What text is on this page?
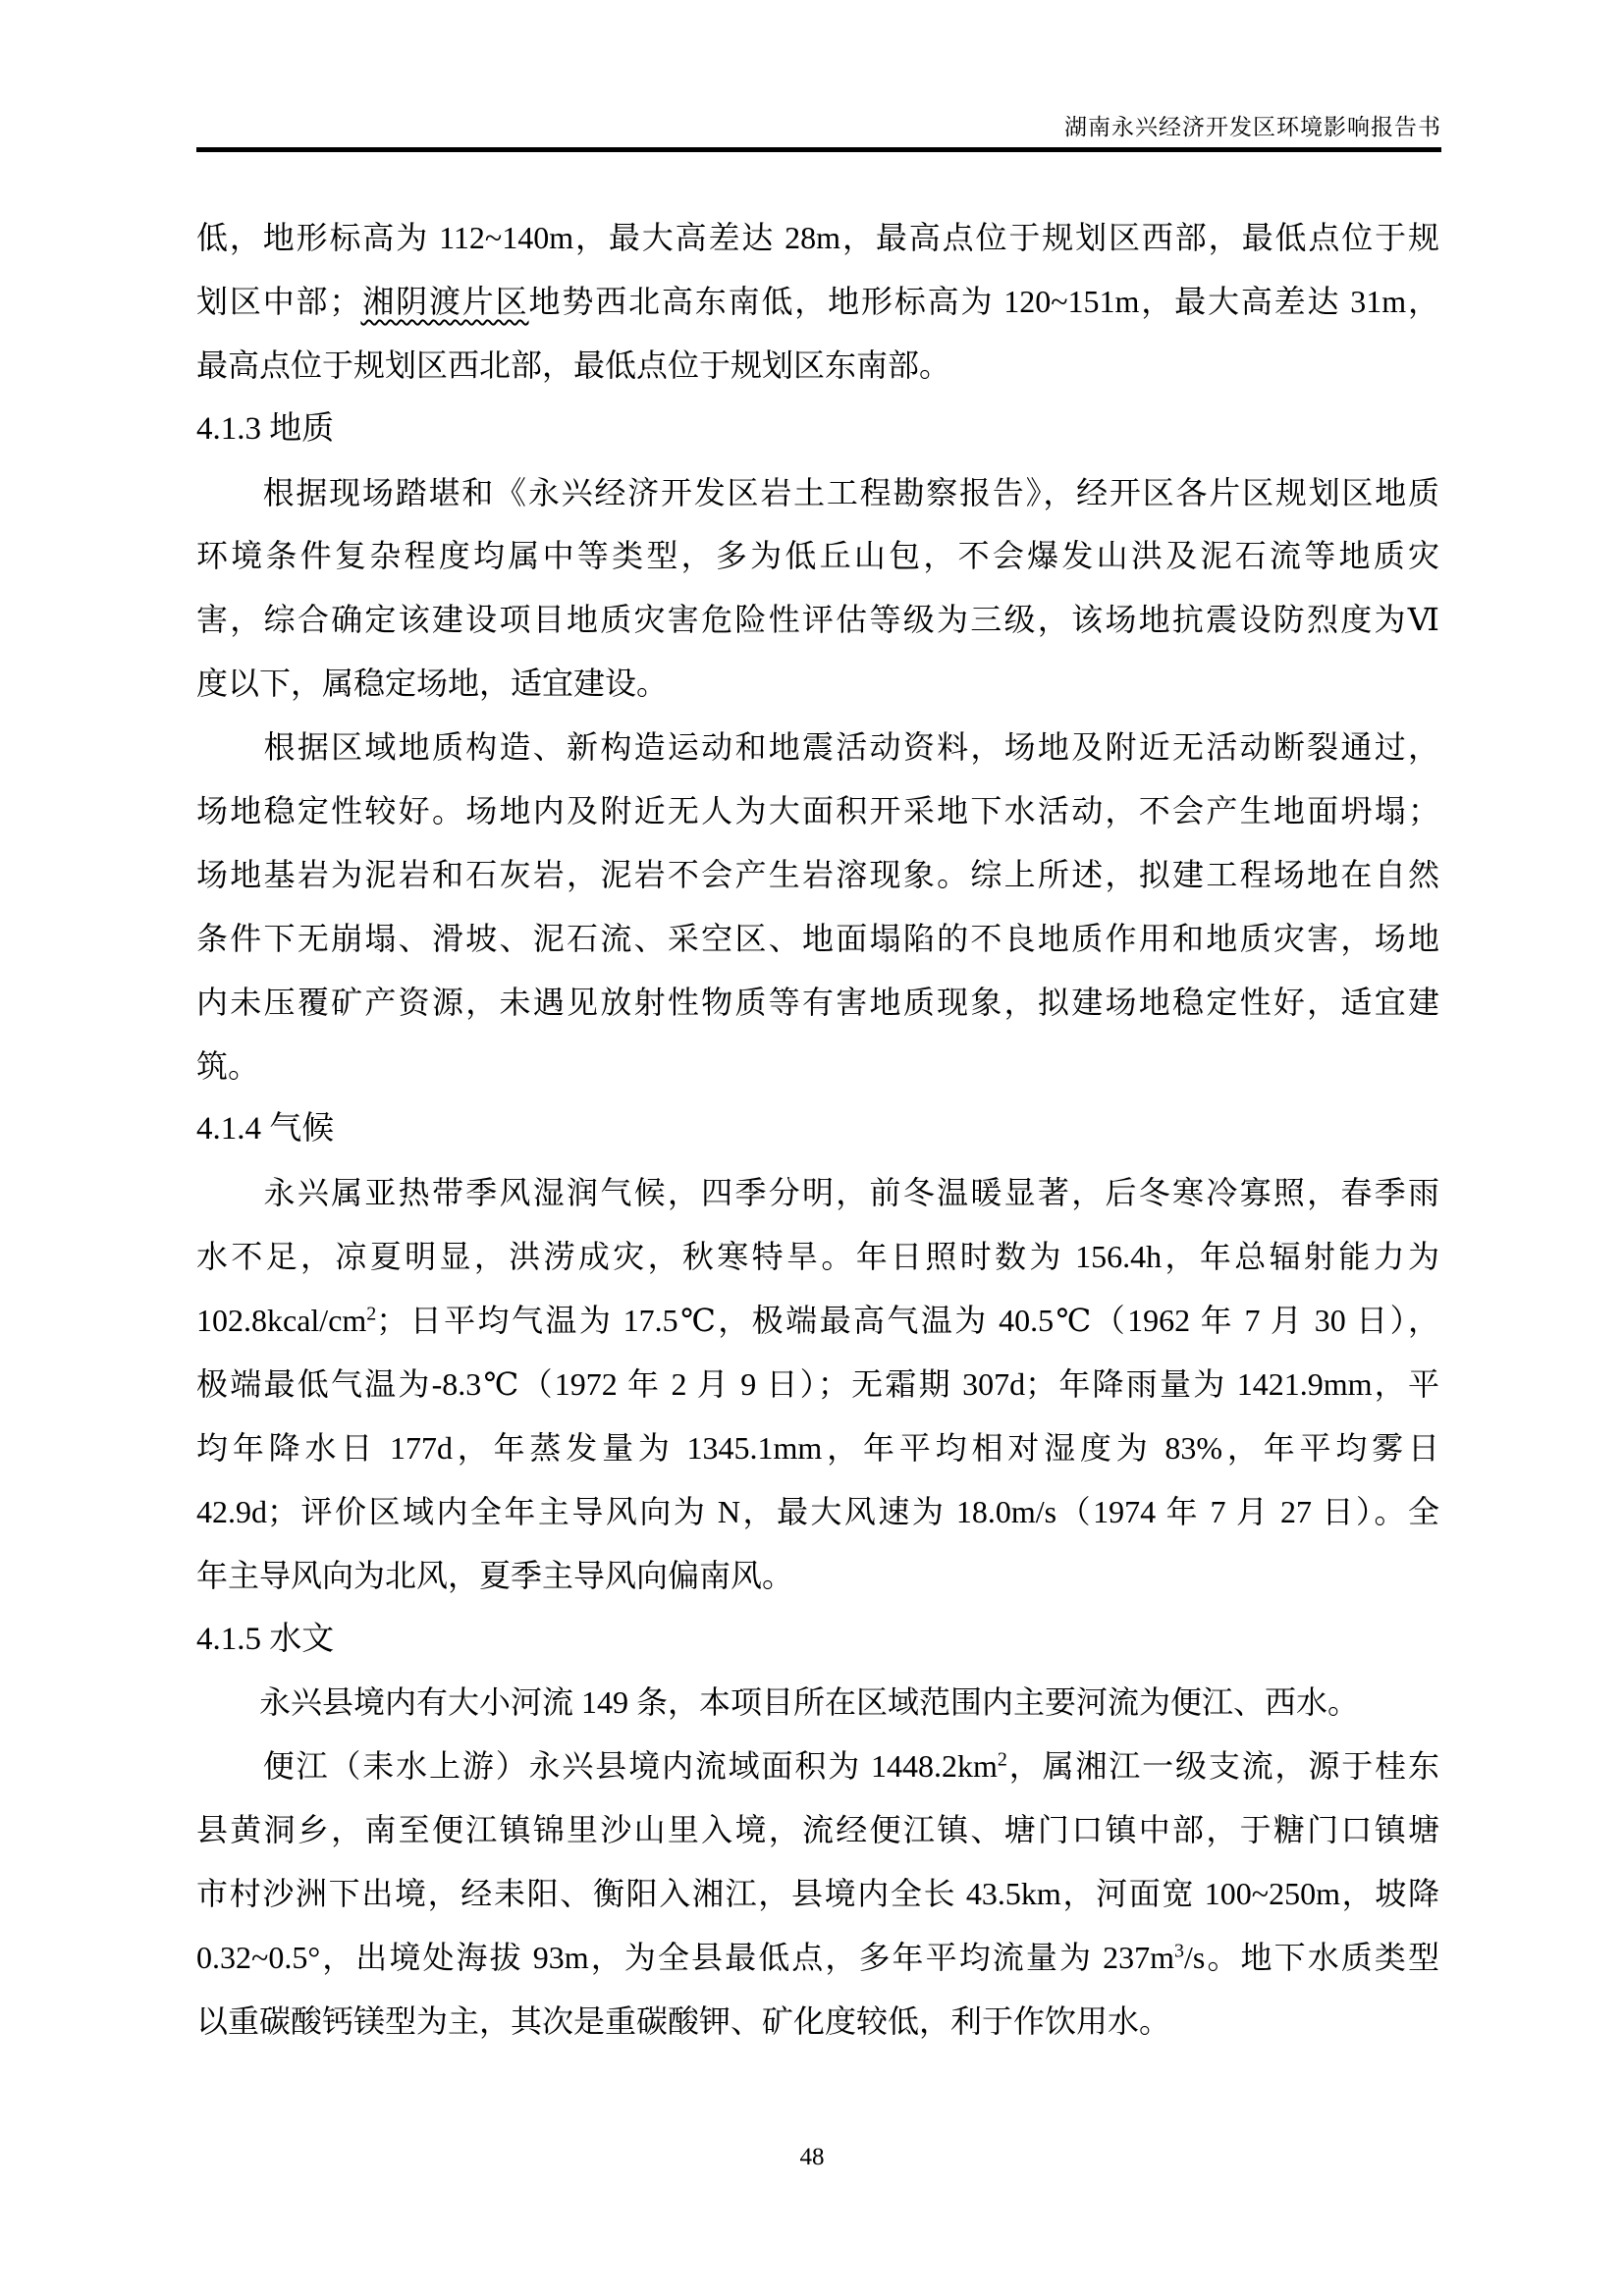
湖南永兴经济开发区环境影响报告书
低，地形标高为 112~140m，最大高差达 28m，最高点位于规划区西部，最低点位于规
划区中部；湘阴渡片区地势西北高东南低，地形标高为 120~151m，最大高差达 31m，
最高点位于规划区西北部，最低点位于规划区东南部。
4.1.3 地质
　　根据现场踏堪和《永兴经济开发区岩土工程勘察报告》，经开区各片区规划区地质
环境条件复杂程度均属中等类型，多为低丘山包，不会爆发山洪及泥石流等地质灾
害，综合确定该建设项目地质灾害危险性评估等级为三级，该场地抗震设防烈度为Ⅵ
度以下，属稳定场地，适宜建设。
　　根据区域地质构造、新构造运动和地震活动资料，场地及附近无活动断裂通过，
场地稳定性较好。场地内及附近无人为大面积开采地下水活动，不会产生地面坍塌；
场地基岩为泥岩和石灰岩，泥岩不会产生岩溶现象。综上所述，拟建工程场地在自然
条件下无崩塌、滑坡、泥石流、采空区、地面塌陷的不良地质作用和地质灾害，场地
内未压覆矿产资源，未遇见放射性物质等有害地质现象，拟建场地稳定性好，适宜建
筑。
4.1.4 气候
　　永兴属亚热带季风湿润气候，四季分明，前冬温暖显著，后冬寒冷寡照，春季雨
水不足，凉夏明显，洪涝成灾，秋寒特旱。年日照时数为 156.4h，年总辐射能力为
$102.8kcal/cm^2$；日平均气温为 17.5℃，极端最高气温为 40.5℃（1962 年 7 月 30 日），
极端最低气温为-8.3℃（1972 年 2 月 9 日）；无霜期 307d；年降雨量为 1421.9mm，平
均年降水日 177d，年蒸发量为 1345.1mm，年平均相对湿度为 83%，年平均雾日
42.9d；评价区域内全年主导风向为 N，最大风速为 18.0m/s（1974 年 7 月 27 日）。全
年主导风向为北风，夏季主导风向偏南风。
4.1.5 水文
　　永兴县境内有大小河流 149 条，本项目所在区域范围内主要河流为便江、西水。
　　便江（耒水上游）永兴县境内流域面积为 $1448.2km^2$，属湘江一级支流，源于桂东
县黄洞乡，南至便江镇锦里沙山里入境，流经便江镇、塘门口镇中部，于糖门口镇塘
市村沙洲下出境，经耒阳、衡阳入湘江，县境内全长 43.5km，河面宽 100~250m，坡降
0.32~0.5°，出境处海拔 93m，为全县最低点，多年平均流量为 $237m^3/s$。地下水质类型
以重碳酸钙镁型为主，其次是重碳酸钾、矿化度较低，利于作饮用水。
48
